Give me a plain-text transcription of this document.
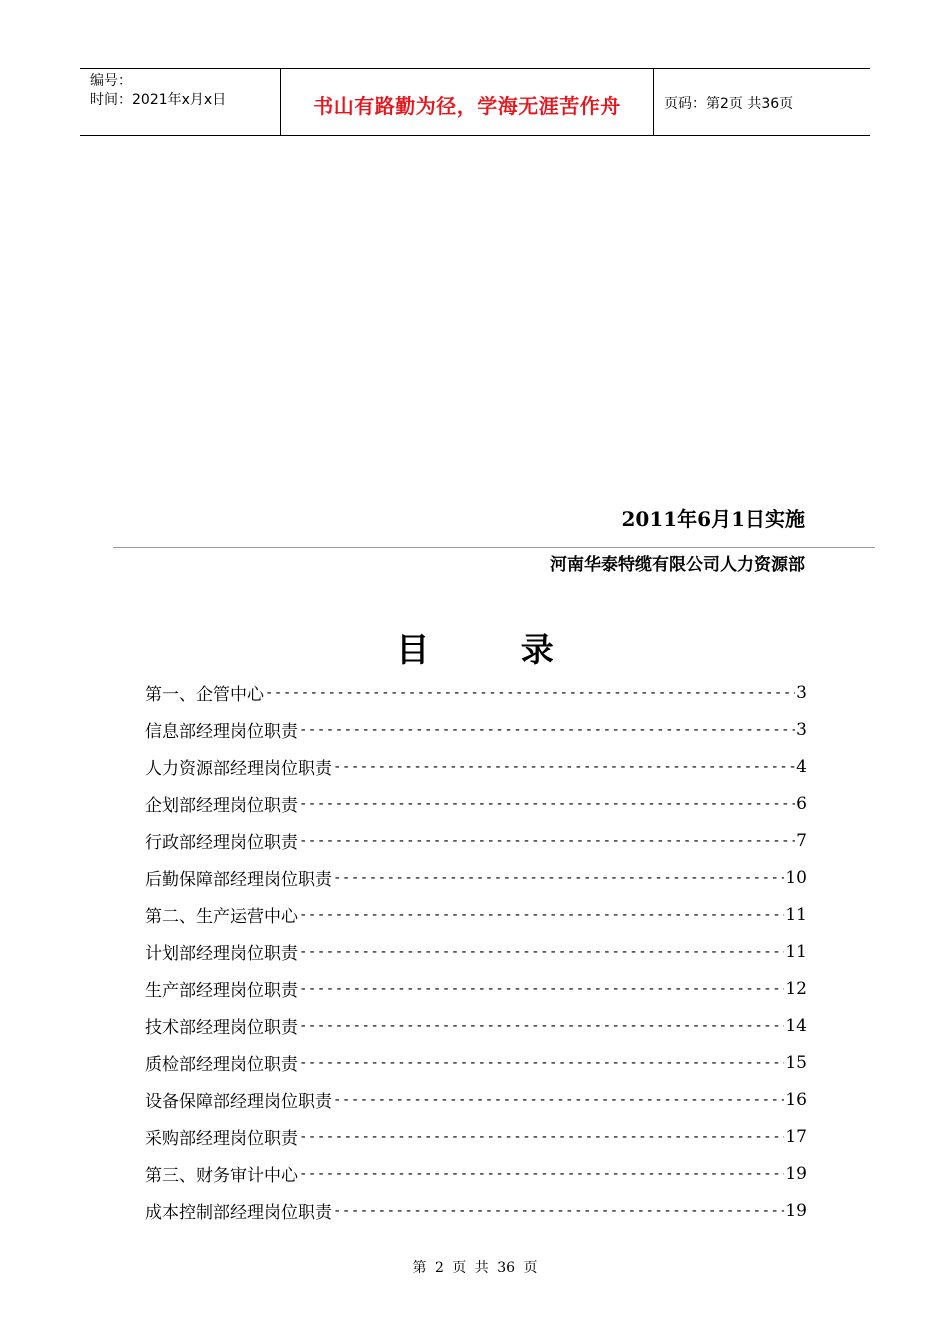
编号：
时间：2021年x月x日	书山有路勤为径，学海无涯苦作舟	页码：第2页 共36页
2011年6月1日实施
河南华泰特缆有限公司人力资源部
目 录
第一、企管中心 -----	3
信息部经理岗位职责 -----	3
人力资源部经理岗位职责 -----	4
企划部经理岗位职责 -----	6
行政部经理岗位职责 -----	7
后勤保障部经理岗位职责 -----	10
第二、生产运营中心 -----	11
计划部经理岗位职责 -----	11
生产部经理岗位职责 -----	12
技术部经理岗位职责 -----	14
质检部经理岗位职责 -----	15
设备保障部经理岗位职责 -----	16
采购部经理岗位职责 -----	17
第三、财务审计中心 -----	19
成本控制部经理岗位职责 -----	19
第 2 页 共 36 页
